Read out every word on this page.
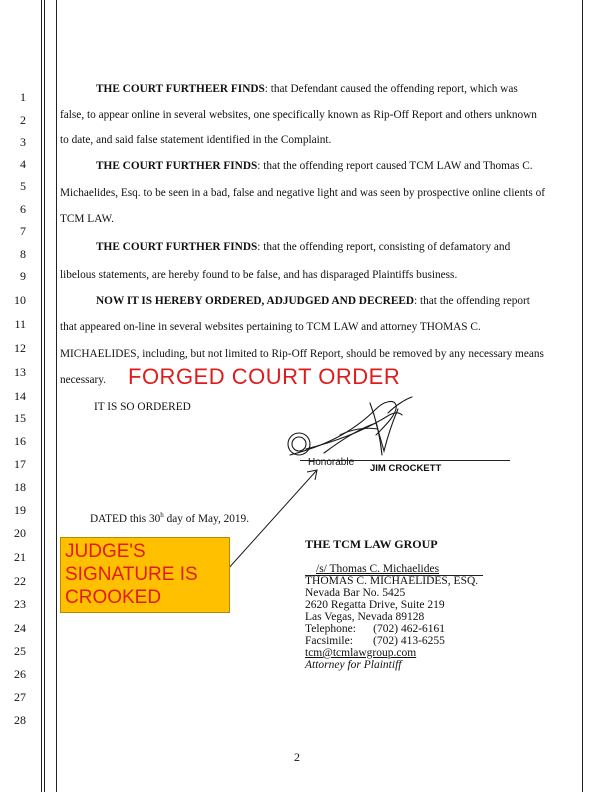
1
2
3
4
5
6
7
8
9
10
11
12
13
14
15
16
17
18
19
20
21
22
23
24
25
26
27
28
THE COURT FURTHEER FINDS: that Defendant caused the offending report, which was
false, to appear online in several websites, one specifically known as Rip-Off Report and others unknown
to date, and said false statement identified in the Complaint.
THE COURT FURTHER FINDS: that the offending report caused TCM LAW and Thomas C.
Michaelides, Esq. to be seen in a bad, false and negative light and was seen by prospective online clients of
TCM LAW.
THE COURT FURTHER FINDS: that the offending report, consisting of defamatory and
libelous statements, are hereby found to be false, and has disparaged Plaintiffs business.
NOW IT IS HEREBY ORDERED, ADJUDGED AND DECREED: that the offending report
that appeared on-line in several websites pertaining to TCM LAW and attorney THOMAS C.
MICHAELIDES, including, but not limited to Rip-Off Report, should be removed by any necessary means
necessary.	FORGED COURT ORDER
IT IS SO ORDERED
Honorable
JIM CROCKETT
DATED this 30$^h$ day of May, 2019.
JUDGE'S
SIGNATURE IS
CROOKED
THE TCM LAW GROUP
/s/ Thomas C. Michaelides
THOMAS C. MICHAELIDES, ESQ.
Nevada Bar No. 5425
2620 Regatta Drive, Suite 219
Las Vegas, Nevada 89128
Telephone:      (702) 462-6161
Facsimile:       (702) 413-6255
tcm@tcmlawgroup.com
Attorney for Plaintiff
2
